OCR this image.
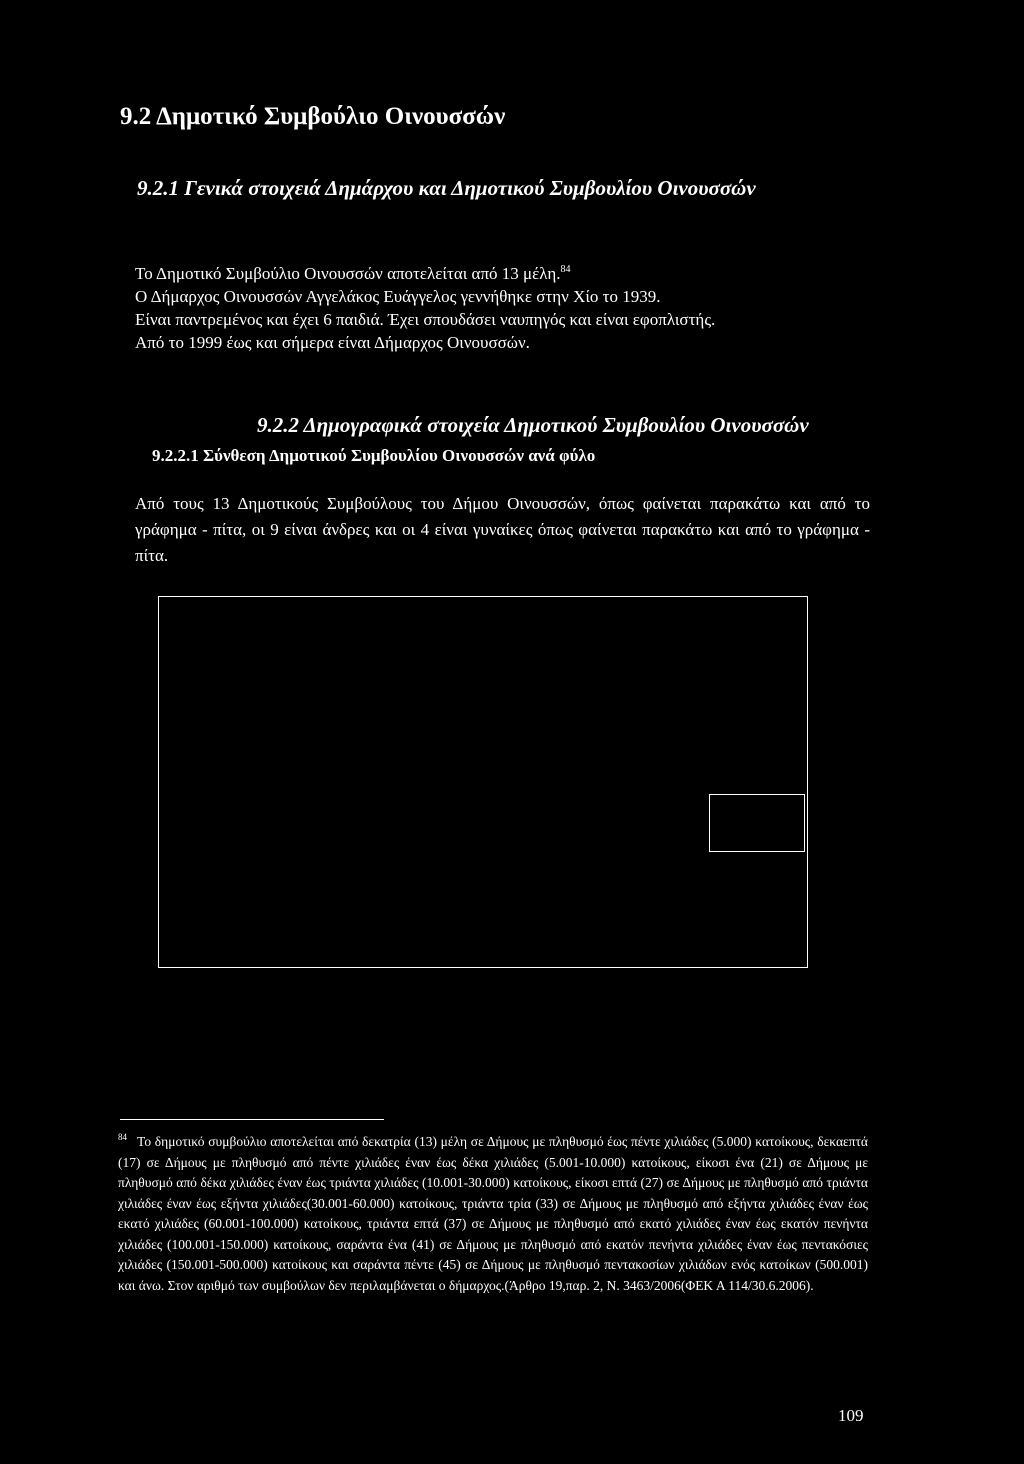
9.2 Δημοτικό Συμβούλιο Οινουσσών
9.2.1 Γενικά στοιχειά Δημάρχου και Δημοτικού Συμβουλίου Οινουσσών
Το Δημοτικό Συμβούλιο Οινουσσών αποτελείται από 13 μέλη.$^{84}$
Ο Δήμαρχος Οινουσσών Αγγελάκος Ευάγγελος γεννήθηκε στην Χίο το 1939.
Είναι παντρεμένος και έχει 6 παιδιά. Έχει σπουδάσει ναυπηγός και είναι εφοπλιστής.
Από το 1999 έως και σήμερα είναι Δήμαρχος Οινουσσών.
9.2.2 Δημογραφικά στοιχεία Δημοτικού Συμβουλίου Οινουσσών
9.2.2.1 Σύνθεση Δημοτικού Συμβουλίου Οινουσσών ανά φύλο
Από τους 13 Δημοτικούς Συμβούλους του Δήμου Οινουσσών, όπως φαίνεται παρακάτω και από το γράφημα - πίτα, οι 9 είναι άνδρες και οι 4 είναι γυναίκες όπως φαίνεται παρακάτω και από το γράφημα - πίτα.
$^{84}$ Το δημοτικό συμβούλιο αποτελείται από δεκατρία (13) μέλη σε Δήμους με πληθυσμό έως πέντε χιλιάδες (5.000) κατοίκους, δεκαεπτά (17) σε Δήμους με πληθυσμό από πέντε χιλιάδες έναν έως δέκα χιλιάδες (5.001-10.000) κατοίκους, είκοσι ένα (21) σε Δήμους με πληθυσμό από δέκα χιλιάδες έναν έως τριάντα χιλιάδες (10.001-30.000) κατοίκους, είκοσι επτά (27) σε Δήμους με πληθυσμό από τριάντα χιλιάδες έναν έως εξήντα χιλιάδες(30.001-60.000) κατοίκους, τριάντα τρία (33) σε Δήμους με πληθυσμό από εξήντα χιλιάδες έναν έως εκατό χιλιάδες (60.001-100.000) κατοίκους, τριάντα επτά (37) σε Δήμους με πληθυσμό από εκατό χιλιάδες έναν έως εκατόν πενήντα χιλιάδες (100.001-150.000) κατοίκους, σαράντα ένα (41) σε Δήμους με πληθυσμό από εκατόν πενήντα χιλιάδες έναν έως πεντακόσιες χιλιάδες (150.001-500.000) κατοίκους και σαράντα πέντε (45) σε Δήμους με πληθυσμό πεντακοσίων χιλιάδων ενός κατοίκων (500.001) και άνω. Στον αριθμό των συμβούλων δεν περιλαμβάνεται ο δήμαρχος.(Άρθρο 19,παρ. 2, Ν. 3463/2006(ΦΕΚ Α 114/30.6.2006).
109
